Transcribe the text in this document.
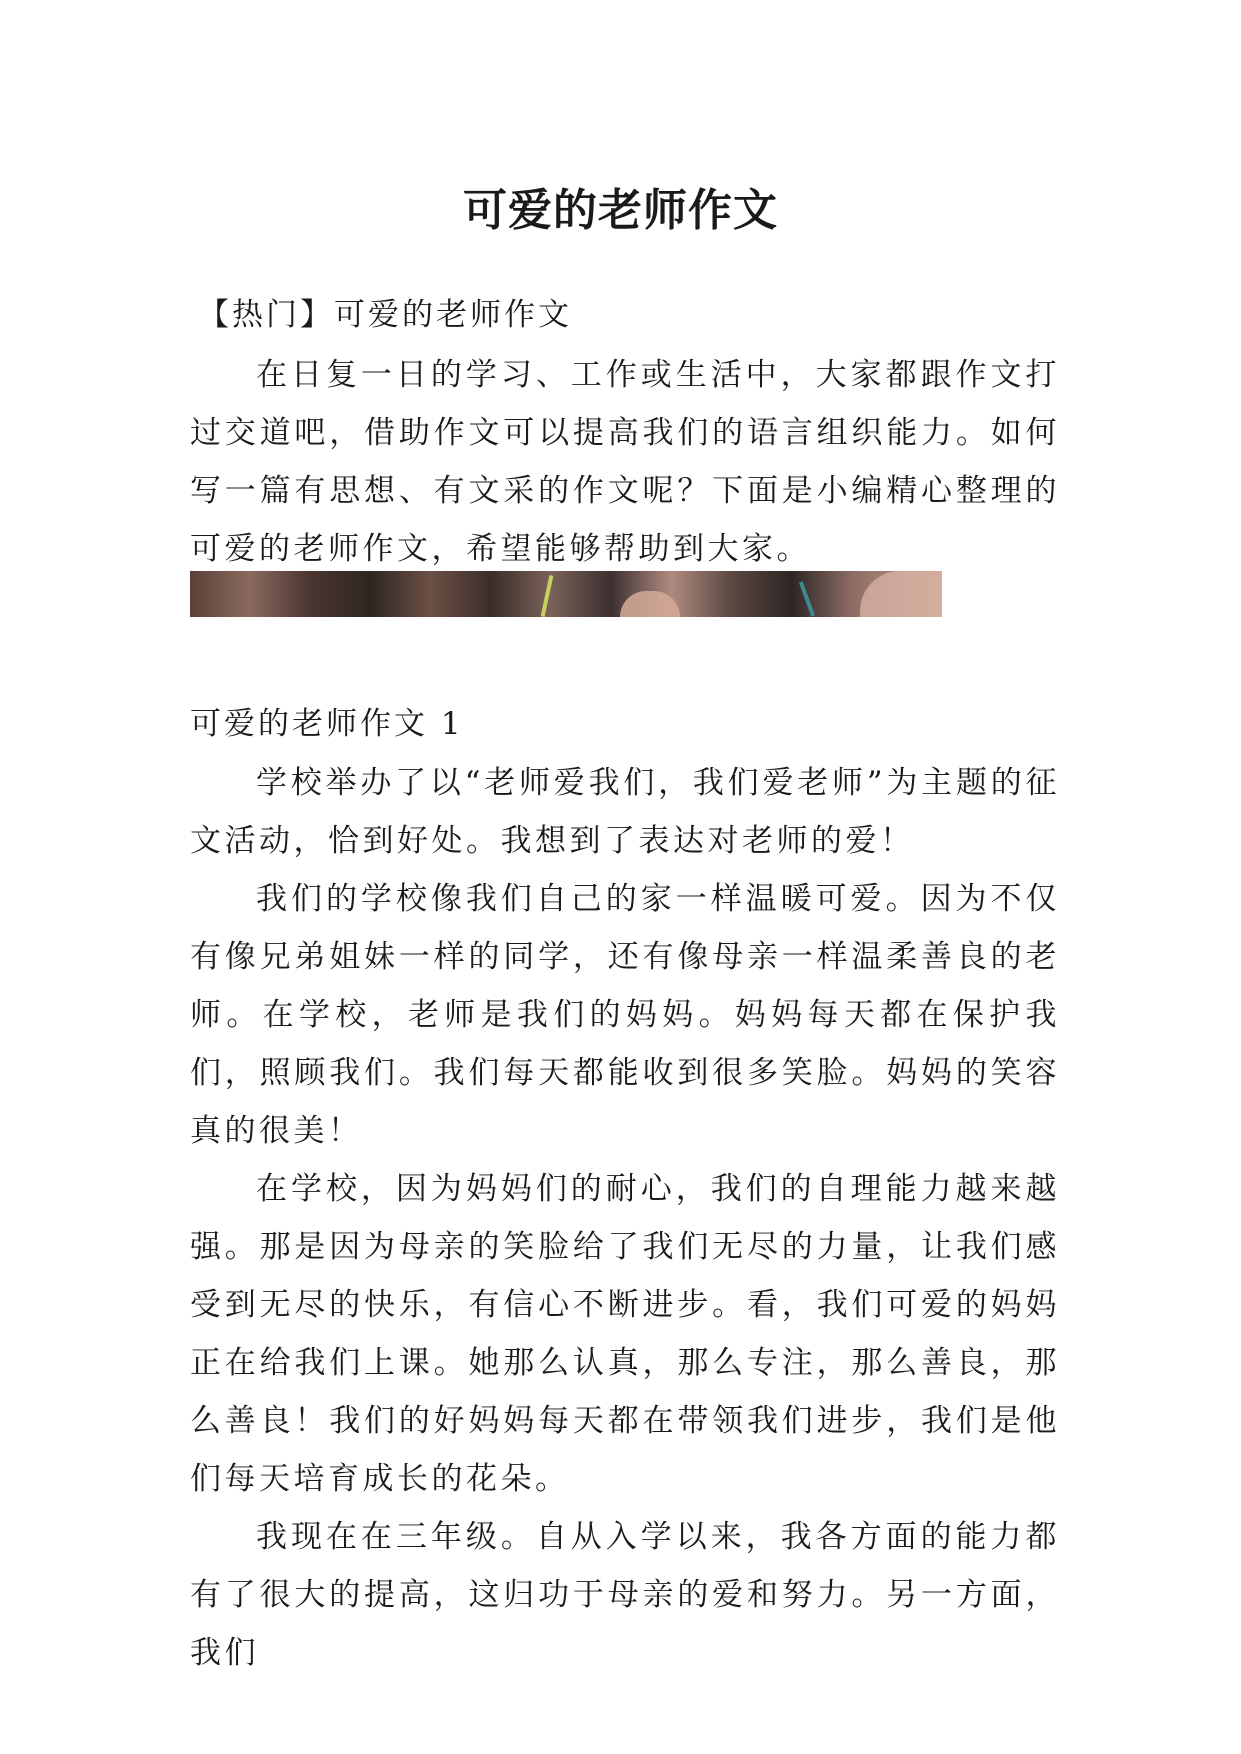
可爱的老师作文
【热门】可爱的老师作文

在日复一日的学习、工作或生活中，大家都跟作文打过交道吧，借助作文可以提高我们的语言组织能力。如何写一篇有思想、有文采的作文呢？下面是小编精心整理的可爱的老师作文，希望能够帮助到大家。

可爱的老师作文 1

学校举办了以“老师爱我们，我们爱老师”为主题的征文活动，恰到好处。我想到了表达对老师的爱！

我们的学校像我们自己的家一样温暖可爱。因为不仅有像兄弟姐妹一样的同学，还有像母亲一样温柔善良的老师。在学校，老师是我们的妈妈。妈妈每天都在保护我们，照顾我们。我们每天都能收到很多笑脸。妈妈的笑容真的很美！

在学校，因为妈妈们的耐心，我们的自理能力越来越强。那是因为母亲的笑脸给了我们无尽的力量，让我们感受到无尽的快乐，有信心不断进步。看，我们可爱的妈妈正在给我们上课。她那么认真，那么专注，那么善良，那么善良！我们的好妈妈每天都在带领我们进步，我们是他们每天培育成长的花朵。

我现在在三年级。自从入学以来，我各方面的能力都有了很大的提高，这归功于母亲的爱和努力。另一方面，我们
